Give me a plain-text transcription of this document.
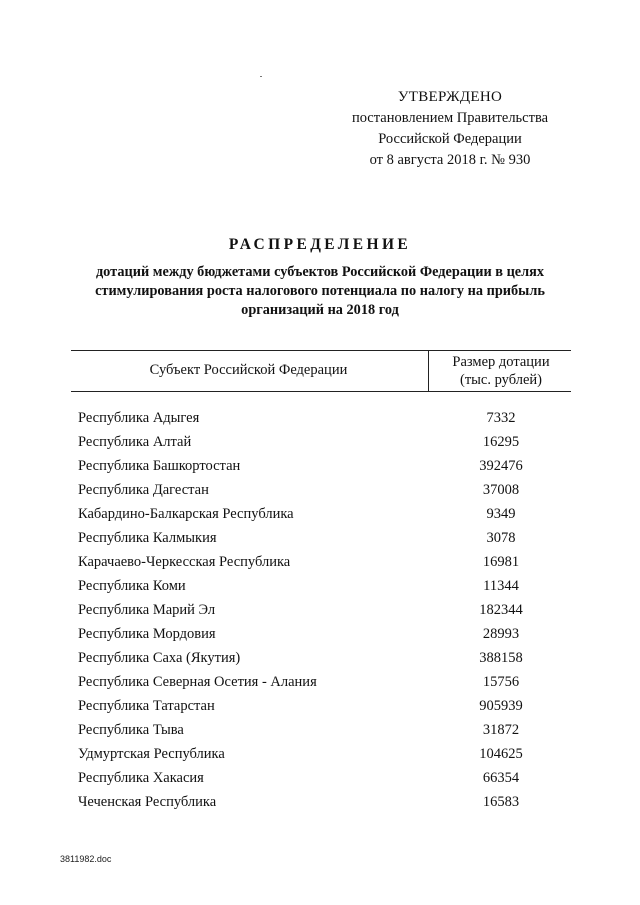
УТВЕРЖДЕНО
постановлением Правительства
Российской Федерации
от 8 августа 2018 г. № 930
РАСПРЕДЕЛЕНИЕ
дотаций между бюджетами субъектов Российской Федерации в целях
стимулирования роста налогового потенциала по налогу на прибыль
организаций на 2018 год
Субъект Российской Федерации	Размер дотации
(тыс. рублей)
Республика Адыгея	7332
Республика Алтай	16295
Республика Башкортостан	392476
Республика Дагестан	37008
Кабардино-Балкарская Республика	9349
Республика Калмыкия	3078
Карачаево-Черкесская Республика	16981
Республика Коми	11344
Республика Марий Эл	182344
Республика Мордовия	28993
Республика Саха (Якутия)	388158
Республика Северная Осетия - Алания	15756
Республика Татарстан	905939
Республика Тыва	31872
Удмуртская Республика	104625
Республика Хакасия	66354
Чеченская Республика	16583
3811982.doc
